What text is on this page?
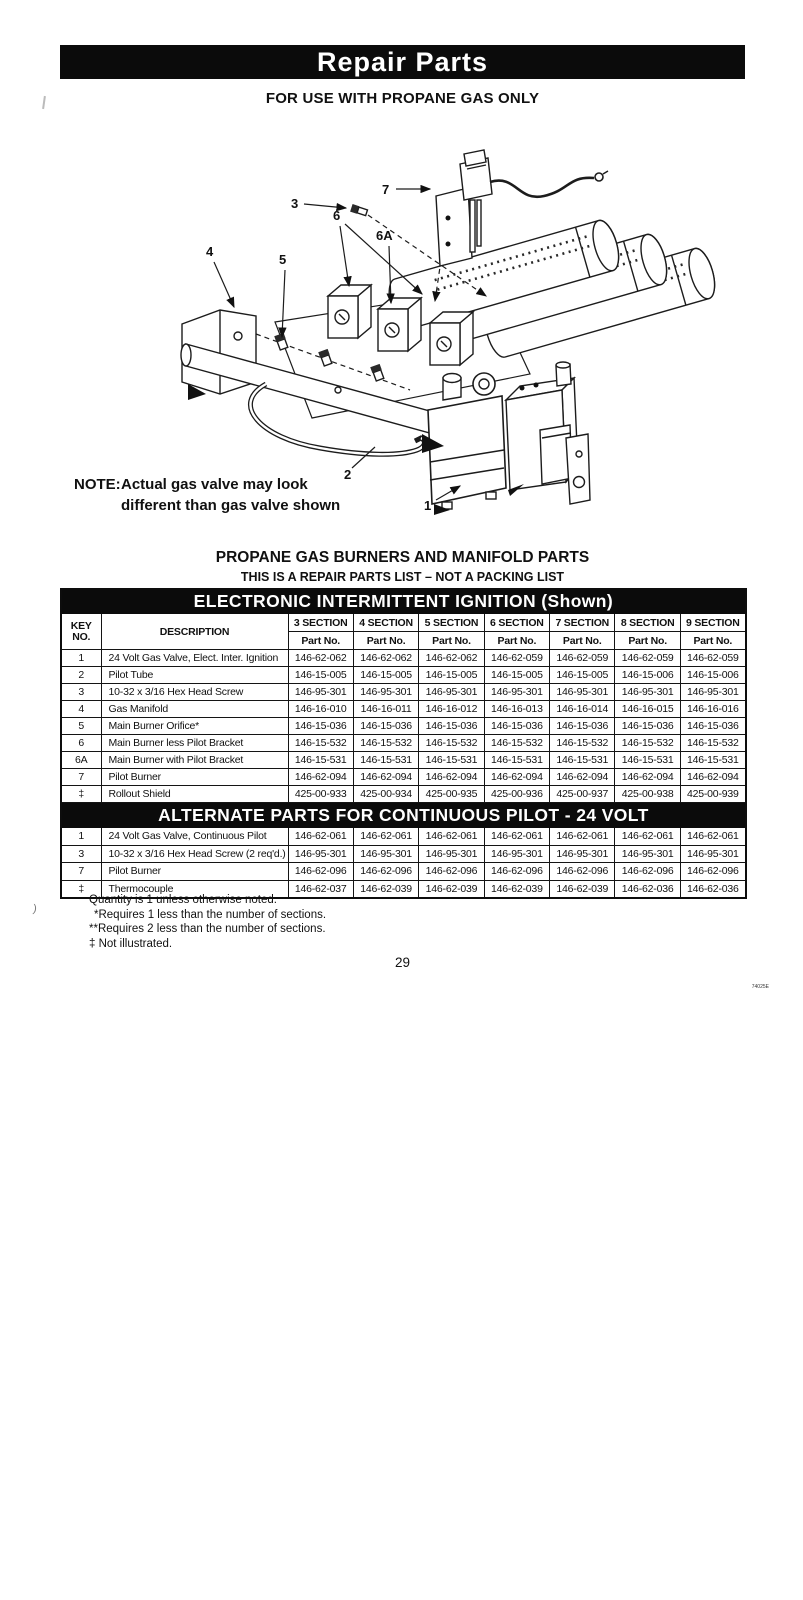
Repair Parts
FOR USE WITH PROPANE GAS ONLY
7
3
6
6A
4
5
2
1
NOTE: Actual gas valve may look
different than gas valve shown
PROPANE GAS BURNERS AND MANIFOLD PARTS
THIS IS A REPAIR PARTS LIST – NOT A PACKING LIST
ELECTRONIC INTERMITTENT IGNITION (Shown)								

KEY
NO.	DESCRIPTION	3 SECTION	4 SECTION	5 SECTION	6 SECTION	7 SECTION	8 SECTION	9 SECTION
		Part No.	Part No.	Part No.	Part No.	Part No.	Part No.	Part No.
1	24 Volt Gas Valve, Elect. Inter. Ignition	146-62-062	146-62-062	146-62-062	146-62-059	146-62-059	146-62-059	146-62-059
2	Pilot Tube	146-15-005	146-15-005	146-15-005	146-15-005	146-15-005	146-15-006	146-15-006
3	10-32 x 3/16 Hex Head Screw	146-95-301	146-95-301	146-95-301	146-95-301	146-95-301	146-95-301	146-95-301
4	Gas Manifold	146-16-010	146-16-011	146-16-012	146-16-013	146-16-014	146-16-015	146-16-016
5	Main Burner Orifice*	146-15-036	146-15-036	146-15-036	146-15-036	146-15-036	146-15-036	146-15-036
6	Main Burner less Pilot Bracket	146-15-532	146-15-532	146-15-532	146-15-532	146-15-532	146-15-532	146-15-532
6A	Main Burner with Pilot Bracket	146-15-531	146-15-531	146-15-531	146-15-531	146-15-531	146-15-531	146-15-531
7	Pilot Burner	146-62-094	146-62-094	146-62-094	146-62-094	146-62-094	146-62-094	146-62-094
‡	Rollout Shield	425-00-933	425-00-934	425-00-935	425-00-936	425-00-937	425-00-938	425-00-939
ALTERNATE PARTS FOR CONTINUOUS PILOT - 24 VOLT								
1	24 Volt Gas Valve, Continuous Pilot	146-62-061	146-62-061	146-62-061	146-62-061	146-62-061	146-62-061	146-62-061
3	10-32 x 3/16 Hex Head Screw (2 req'd.)	146-95-301	146-95-301	146-95-301	146-95-301	146-95-301	146-95-301	146-95-301
7	Pilot Burner	146-62-096	146-62-096	146-62-096	146-62-096	146-62-096	146-62-096	146-62-096
‡	Thermocouple	146-62-037	146-62-039	146-62-039	146-62-039	146-62-039	146-62-036	146-62-036
)
Quantity is 1 unless otherwise noted.
*Requires 1 less than the number of sections.
**Requires 2 less than the number of sections.
‡ Not illustrated.
29
74025E
